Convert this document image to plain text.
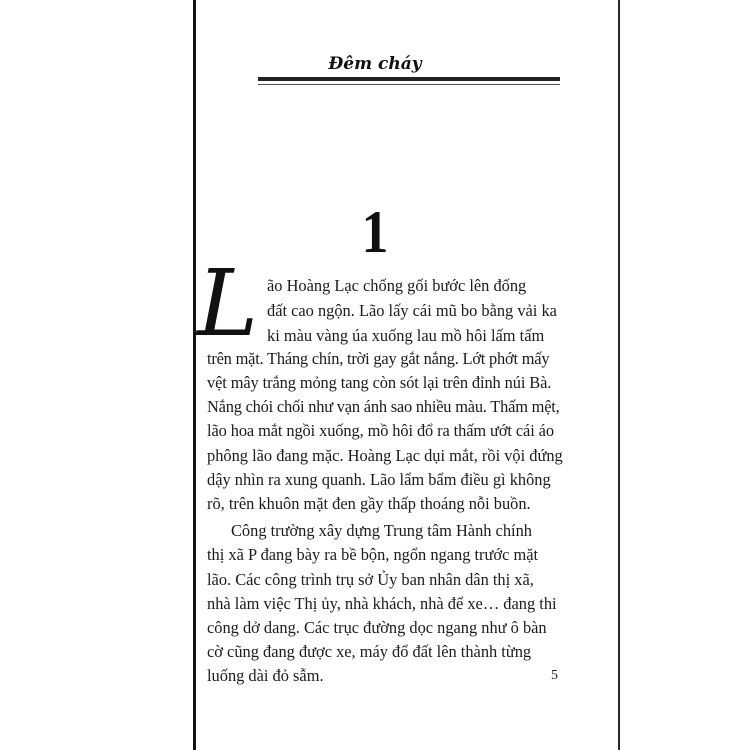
Đêm cháy
1
L ão Hoàng Lạc chống gối bước lên đống
đất cao ngộn. Lão lấy cái mũ bo bằng vải ka
ki màu vàng úa xuống lau mồ hôi lấm tấm
trên mặt. Tháng chín, trời gay gắt nắng. Lớt phớt mấy
vệt mây trắng mỏng tang còn sót lại trên đỉnh núi Bà.
Nắng chói chối như vạn ánh sao nhiều màu. Thấm mệt,
lão hoa mắt ngồi xuống, mồ hôi đổ ra thấm ướt cái áo
phông lão đang mặc. Hoàng Lạc dụi mắt, rồi vội đứng
dậy nhìn ra xung quanh. Lão lẩm bẩm điều gì không
rõ, trên khuôn mặt đen gầy thấp thoáng nỗi buồn.
Công trường xây dựng Trung tâm Hành chính
thị xã P đang bày ra bề bộn, ngổn ngang trước mặt
lão. Các công trình trụ sở Ủy ban nhân dân thị xã,
nhà làm việc Thị ủy, nhà khách, nhà để xe… đang thi
công dở dang. Các trục đường dọc ngang như ô bàn
cờ cũng đang được xe, máy đổ đất lên thành từng
luống dài đỏ sẫm.	5
